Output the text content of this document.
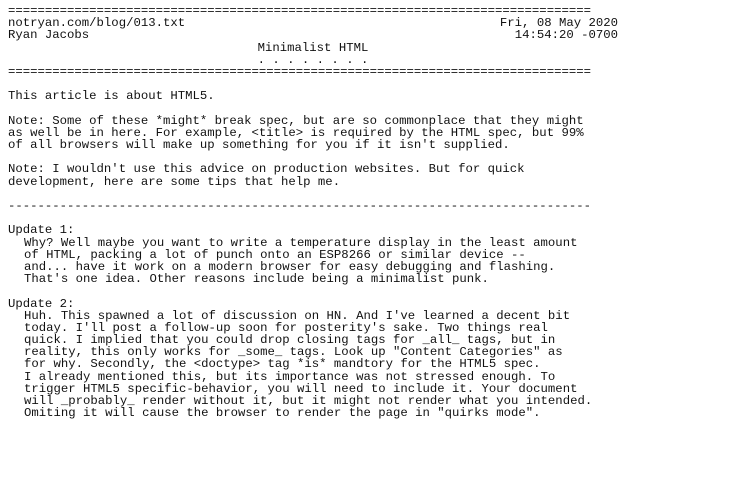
===============================================================================
notryan.com/blog/013.txt	Fri, 08 May 2020
Ryan Jacobs	14:54:20 -0700
Minimalist HTML
. . . . . . . .
===============================================================================
This article is about HTML5.
Note: Some of these *might* break spec, but are so commonplace that they might
as well be in here. For example, <title> is required by the HTML spec, but 99%
of all browsers will make up something for you if it isn't supplied.
Note: I wouldn't use this advice on production websites. But for quick
development, here are some tips that help me.
-------------------------------------------------------------------------------
Update 1:
Why? Well maybe you want to write a temperature display in the least amount
of HTML, packing a lot of punch onto an ESP8266 or similar device --
and... have it work on a modern browser for easy debugging and flashing.
That's one idea. Other reasons include being a minimalist punk.
Update 2:
Huh. This spawned a lot of discussion on HN. And I've learned a decent bit
today. I'll post a follow-up soon for posterity's sake. Two things real
quick. I implied that you could drop closing tags for _all_ tags, but in
reality, this only works for _some_ tags. Look up "Content Categories" as
for why. Secondly, the <doctype> tag *is* mandtory for the HTML5 spec.
I already mentioned this, but its importance was not stressed enough. To
trigger HTML5 specific-behavior, you will need to include it. Your document
will _probably_ render without it, but it might not render what you intended.
Omiting it will cause the browser to render the page in "quirks mode".
